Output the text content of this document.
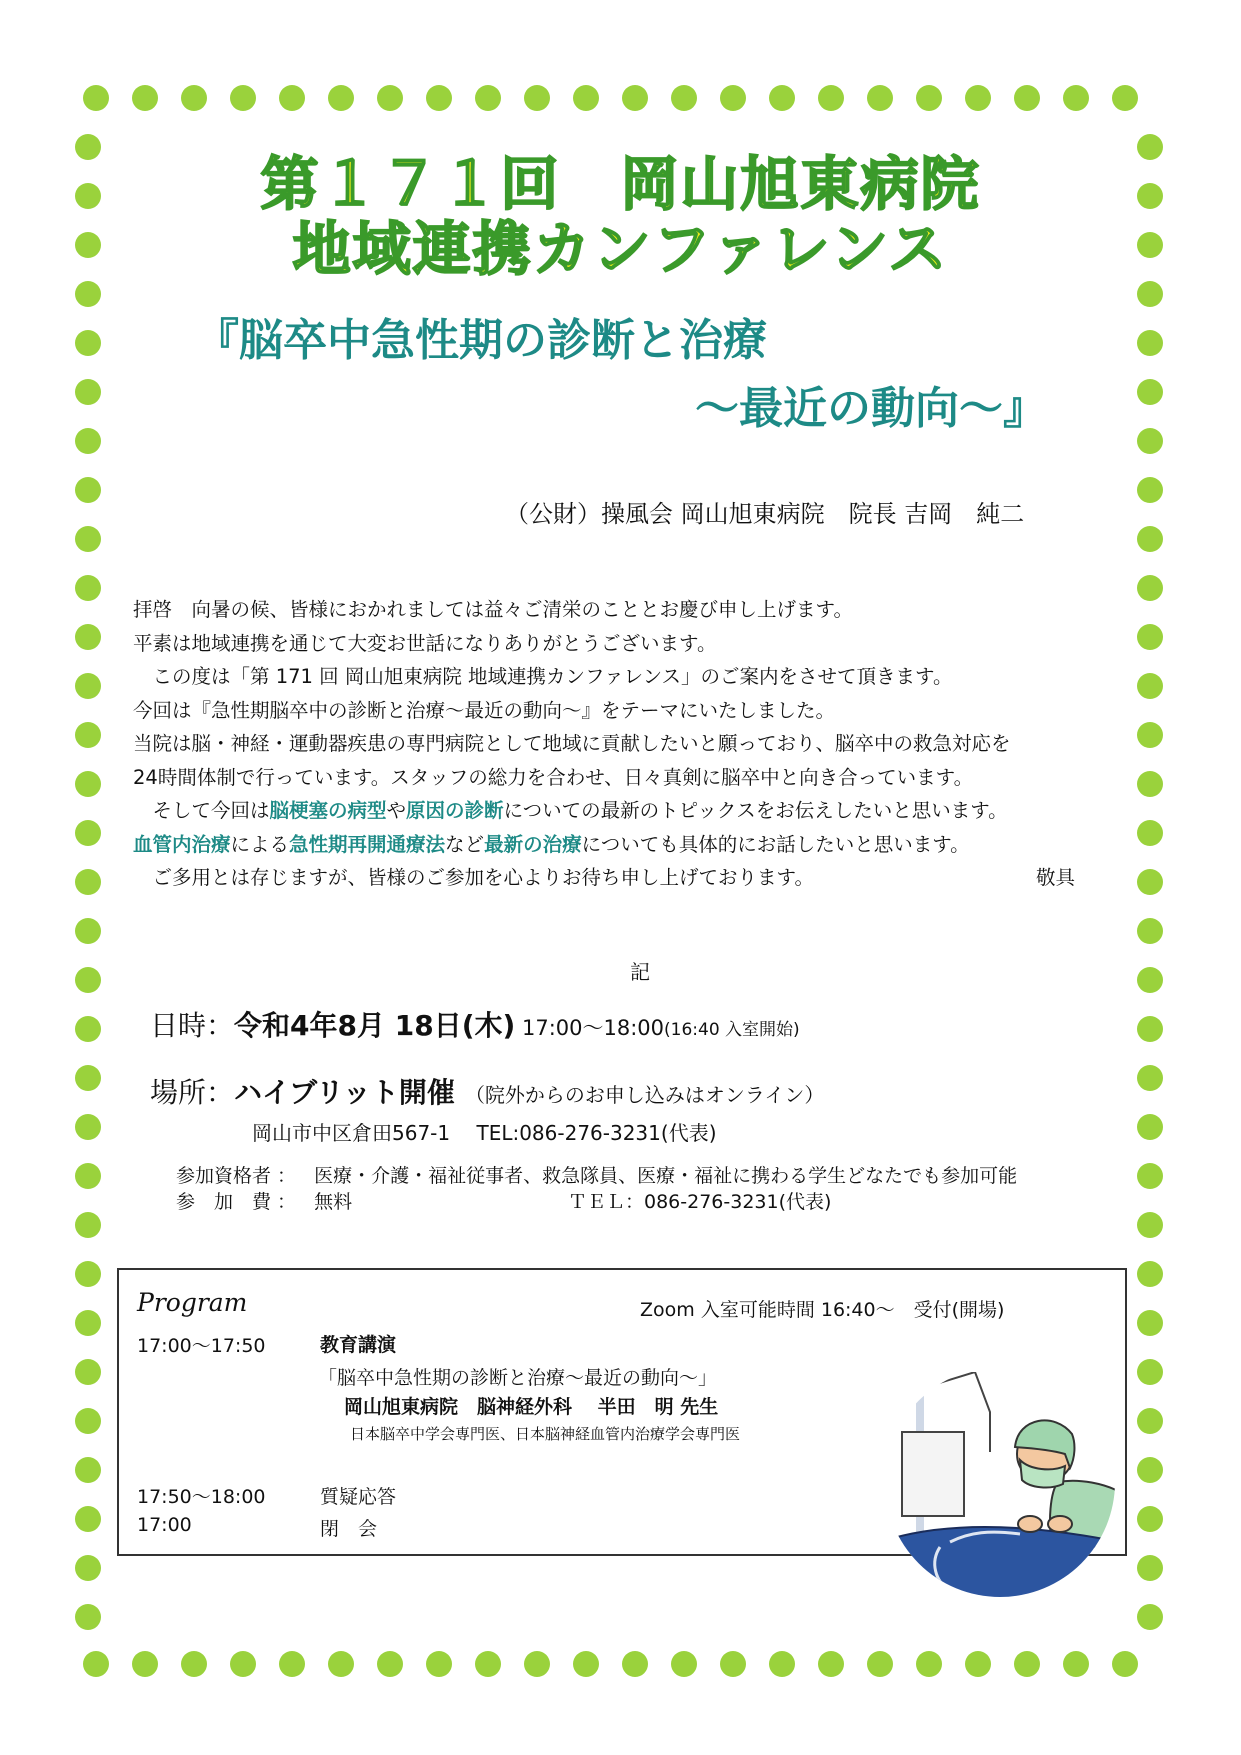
第１７１回　岡山旭東病院
地域連携カンファレンス
『脳卒中急性期の診断と治療
～最近の動向～』
（公財）操風会 岡山旭東病院　院長 吉岡　純二

拝啓　向暑の候、皆様におかれましては益々ご清栄のこととお慶び申し上げます。

平素は地域連携を通じて大変お世話になりありがとうございます。

　この度は「第 171 回 岡山旭東病院 地域連携カンファレンス」のご案内をさせて頂きます。

今回は『急性期脳卒中の診断と治療～最近の動向～』をテーマにいたしました。

当院は脳・神経・運動器疾患の専門病院として地域に貢献したいと願っており、脳卒中の救急対応を

24時間体制で行っています。スタッフの総力を合わせ、日々真剣に脳卒中と向き合っています。

　そして今回は脳梗塞の病型や原因の診断についての最新のトピックスをお伝えしたいと思います。

血管内治療による急性期再開通療法など最新の治療についても具体的にお話したいと思います。

　ご多用とは存じますが、皆様のご参加を心よりお待ち申し上げております。	敬具

記
日時：令和4年8月 18日(木) 17:00～18:00(16:40 入室開始)
場所：ハイブリット開催 （院外からのお申し込みはオンライン）
岡山市中区倉田567-1　 TEL:086-276-3231(代表)
参加資格者 ： 医療・介護・福祉従事者、救急隊員、医療・福祉に携わる学生どなたでも参加可能
参　加　費 ： 無料	ＴＥＬ：086-276-3231(代表)
Program	Zoom 入室可能時間 16:40～　受付(開場)
17:00～17:50	教育講演
「脳卒中急性期の診断と治療～最近の動向～」
岡山旭東病院　脳神経外科　 半田　明 先生
日本脳卒中学会専門医、日本脳神経血管内治療学会専門医
17:50～18:00	質疑応答
17:00	閉　会
